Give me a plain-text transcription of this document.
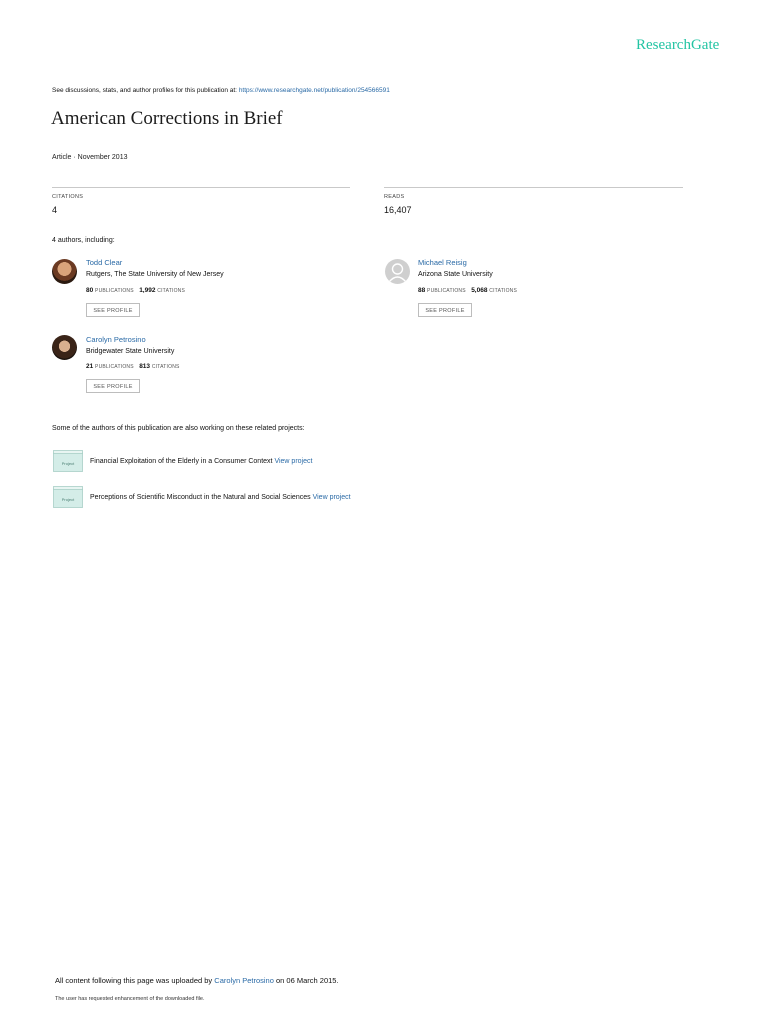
ResearchGate
See discussions, stats, and author profiles for this publication at: https://www.researchgate.net/publication/254566591
American Corrections in Brief
Article · November 2013
CITATIONS
4
READS
16,407
4 authors, including:
Todd Clear
Rutgers, The State University of New Jersey
80 PUBLICATIONS 1,992 CITATIONS
SEE PROFILE
Michael Reisig
Arizona State University
88 PUBLICATIONS 5,068 CITATIONS
SEE PROFILE
Carolyn Petrosino
Bridgewater State University
21 PUBLICATIONS 813 CITATIONS
SEE PROFILE
Some of the authors of this publication are also working on these related projects:
Project Financial Exploitation of the Elderly in a Consumer Context View project
Project Perceptions of Scientific Misconduct in the Natural and Social Sciences View project
All content following this page was uploaded by Carolyn Petrosino on 06 March 2015.
The user has requested enhancement of the downloaded file.
